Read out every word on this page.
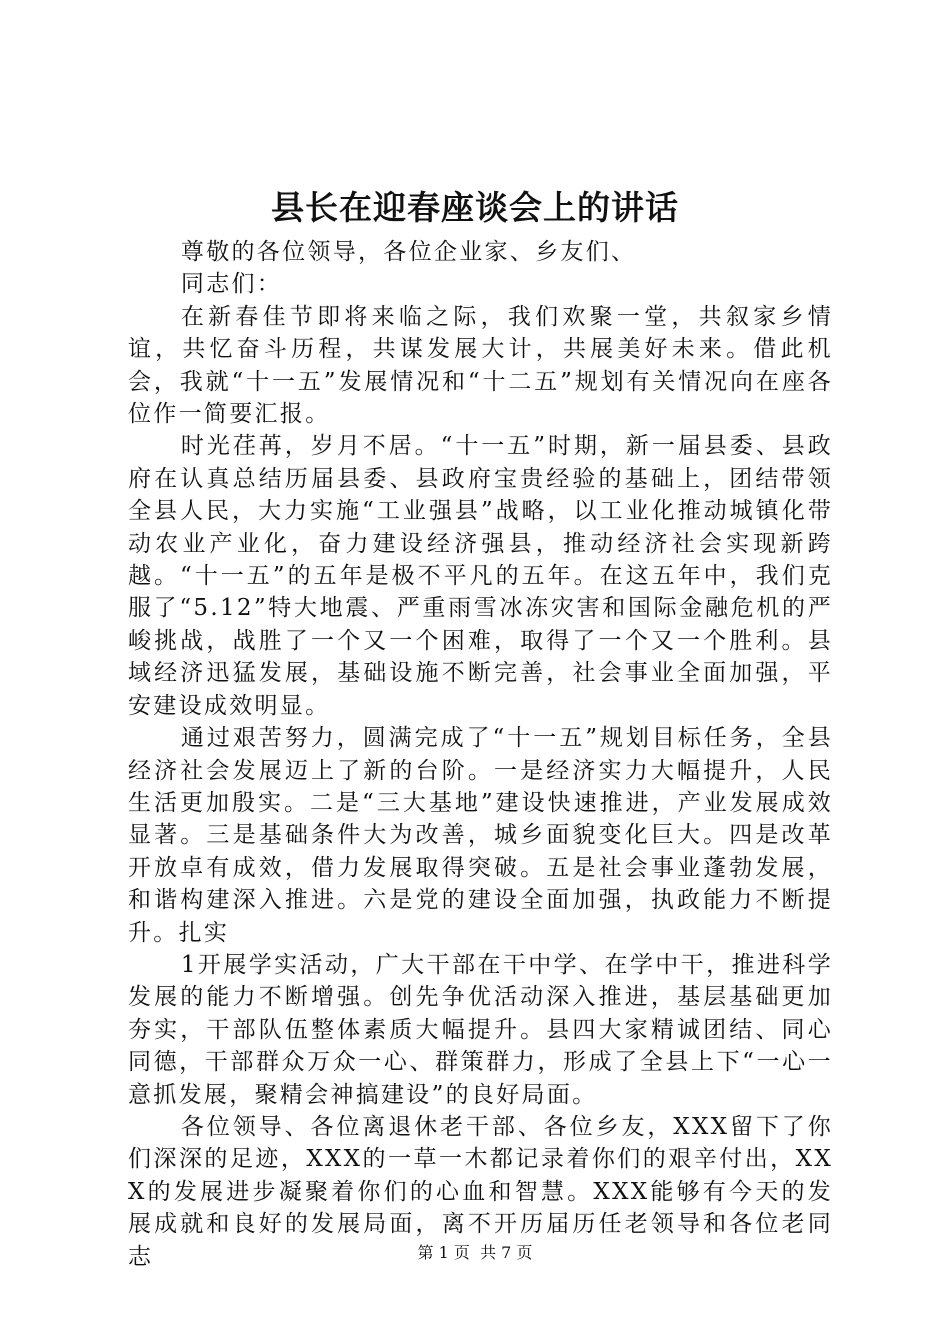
县长在迎春座谈会上的讲话

尊敬的各位领导，各位企业家、乡友们、

同志们：

在新春佳节即将来临之际，我们欢聚一堂，共叙家乡情谊，共忆奋斗历程，共谋发展大计，共展美好未来。借此机会，我就“十一五”发展情况和“十二五”规划有关情况向在座各位作一简要汇报。

时光荏苒，岁月不居。“十一五”时期，新一届县委、县政府在认真总结历届县委、县政府宝贵经验的基础上，团结带领全县人民，大力实施“工业强县”战略，以工业化推动城镇化带动农业产业化，奋力建设经济强县，推动经济社会实现新跨越。“十一五”的五年是极不平凡的五年。在这五年中，我们克服了“5.12”特大地震、严重雨雪冰冻灾害和国际金融危机的严峻挑战，战胜了一个又一个困难，取得了一个又一个胜利。县域经济迅猛发展，基础设施不断完善，社会事业全面加强，平安建设成效明显。

通过艰苦努力，圆满完成了“十一五”规划目标任务，全县经济社会发展迈上了新的台阶。一是经济实力大幅提升，人民生活更加殷实。二是“三大基地”建设快速推进，产业发展成效显著。三是基础条件大为改善，城乡面貌变化巨大。四是改革开放卓有成效，借力发展取得突破。五是社会事业蓬勃发展，和谐构建深入推进。六是党的建设全面加强，执政能力不断提升。扎实

1开展学实活动，广大干部在干中学、在学中干，推进科学发展的能力不断增强。创先争优活动深入推进，基层基础更加夯实，干部队伍整体素质大幅提升。县四大家精诚团结、同心同德，干部群众万众一心、群策群力，形成了全县上下“一心一意抓发展，聚精会神搞建设”的良好局面。

各位领导、各位离退休老干部、各位乡友，XXX留下了你们深深的足迹，XXX的一草一木都记录着你们的艰辛付出，XXX的发展进步凝聚着你们的心血和智慧。XXX能够有今天的发展成就和良好的发展局面，离不开历届历任老领导和各位老同志	第 1 页  共 7 页
